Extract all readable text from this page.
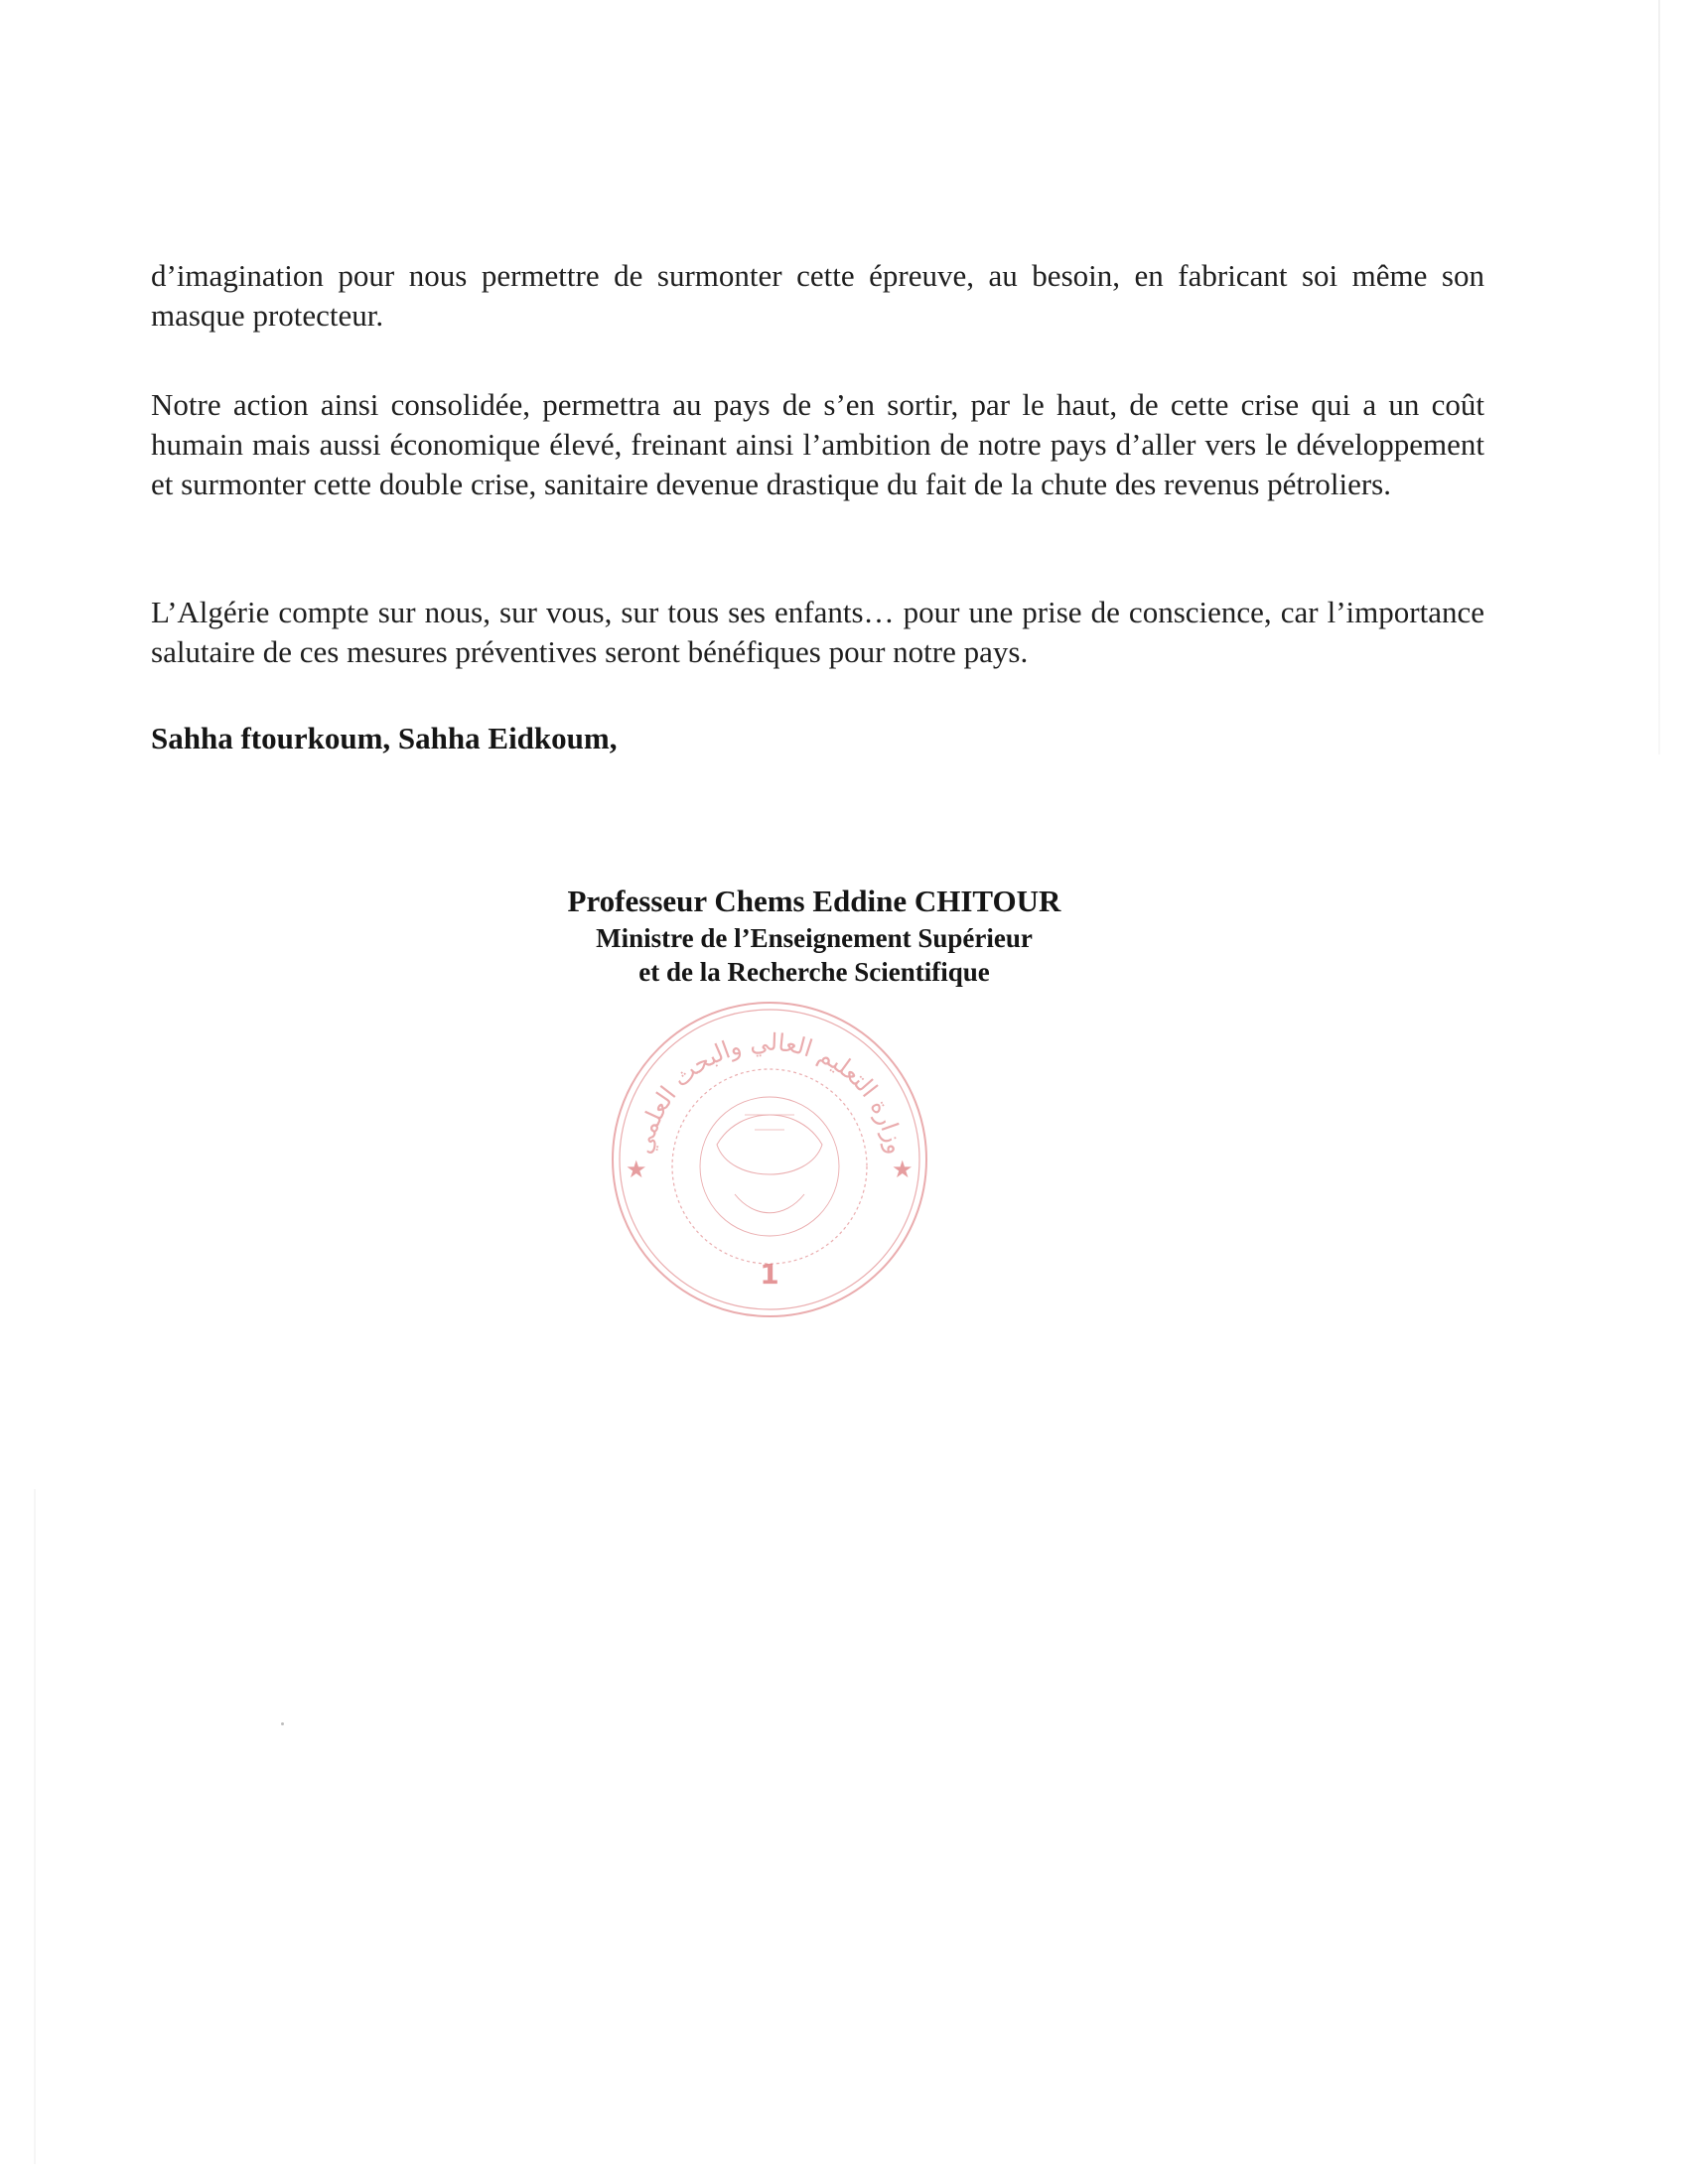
d’imagination pour nous permettre de surmonter cette épreuve, au besoin, en fabricant soi même son masque protecteur.

Notre action ainsi consolidée, permettra au pays de s’en sortir, par le haut, de cette crise qui a un coût humain mais aussi économique élevé, freinant ainsi l’ambition de notre pays d’aller vers le développement et surmonter cette double crise, sanitaire devenue drastique du fait de la chute des revenus pétroliers.

L’Algérie compte sur nous, sur vous, sur tous ses enfants… pour une prise de conscience, car l’importance salutaire de ces mesures préventives seront bénéfiques pour notre pays.

Sahha ftourkoum, Sahha Eidkoum,
Professeur Chems Eddine CHITOUR
Ministre de l’Enseignement Supérieur
et de la Recherche Scientifique
وزارة التعليم العالي والبحث العلمي
★	★
1
